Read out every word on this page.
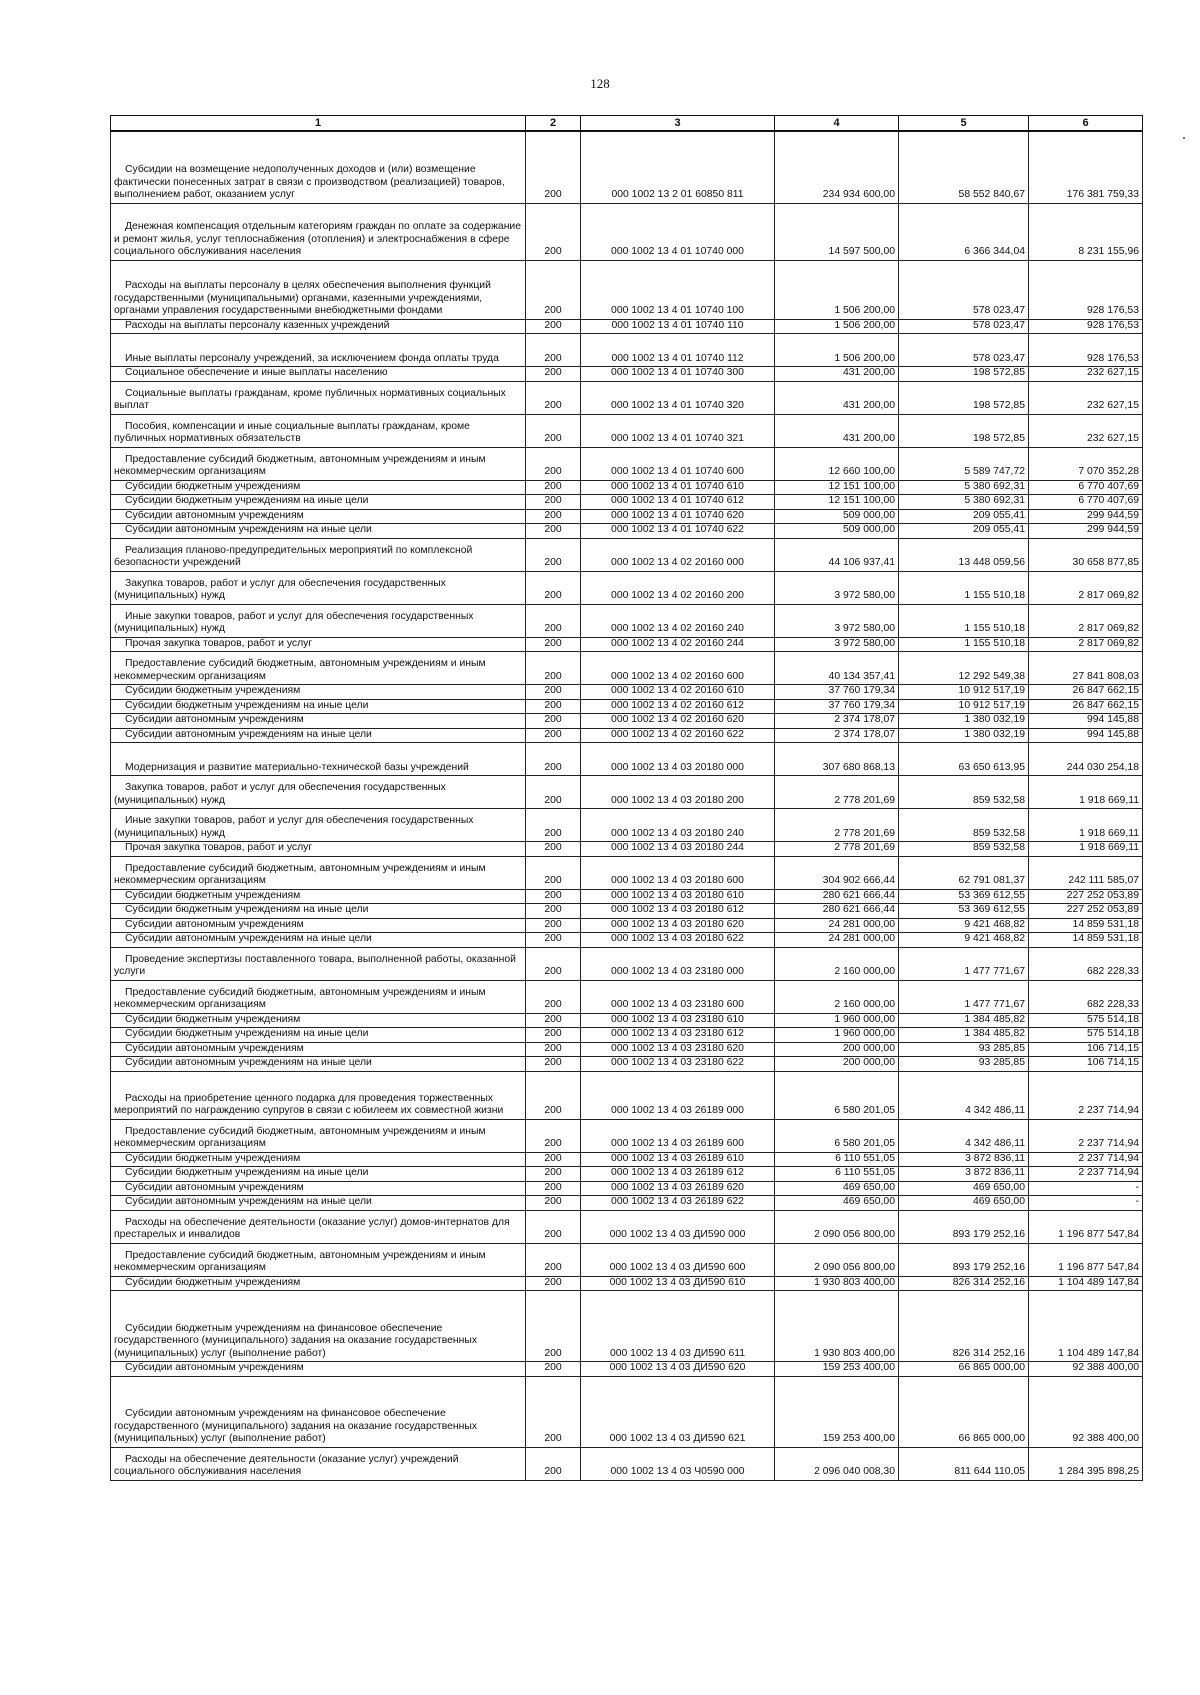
128
1	2	3	4	5	6
Субсидии на возмещение недополученных доходов и (или) возмещение фактически понесенных затрат в связи с производством (реализацией) товаров, выполнением работ, оказанием услуг	200	000 1002 13 2 01 60850 811	234 934 600,00	58 552 840,67	176 381 759,33
Денежная компенсация отдельным категориям граждан по оплате за содержание и ремонт жилья, услуг теплоснабжения (отопления) и электроснабжения в сфере социального обслуживания населения	200	000 1002 13 4 01 10740 000	14 597 500,00	6 366 344,04	8 231 155,96
Расходы на выплаты персоналу в целях обеспечения выполнения функций государственными (муниципальными) органами, казенными учреждениями, органами управления государственными внебюджетными фондами	200	000 1002 13 4 01 10740 100	1 506 200,00	578 023,47	928 176,53
Расходы на выплаты персоналу казенных учреждений	200	000 1002 13 4 01 10740 110	1 506 200,00	578 023,47	928 176,53
Иные выплаты персоналу учреждений, за исключением фонда оплаты труда	200	000 1002 13 4 01 10740 112	1 506 200,00	578 023,47	928 176,53
Социальное обеспечение и иные выплаты населению	200	000 1002 13 4 01 10740 300	431 200,00	198 572,85	232 627,15
Социальные выплаты гражданам, кроме публичных нормативных социальных выплат	200	000 1002 13 4 01 10740 320	431 200,00	198 572,85	232 627,15
Пособия, компенсации и иные социальные выплаты гражданам, кроме публичных нормативных обязательств	200	000 1002 13 4 01 10740 321	431 200,00	198 572,85	232 627,15
Предоставление субсидий бюджетным, автономным учреждениям и иным некоммерческим организациям	200	000 1002 13 4 01 10740 600	12 660 100,00	5 589 747,72	7 070 352,28
Субсидии бюджетным учреждениям	200	000 1002 13 4 01 10740 610	12 151 100,00	5 380 692,31	6 770 407,69
Субсидии бюджетным учреждениям на иные цели	200	000 1002 13 4 01 10740 612	12 151 100,00	5 380 692,31	6 770 407,69
Субсидии автономным учреждениям	200	000 1002 13 4 01 10740 620	509 000,00	209 055,41	299 944,59
Субсидии автономным учреждениям на иные цели	200	000 1002 13 4 01 10740 622	509 000,00	209 055,41	299 944,59
Реализация планово-предупредительных мероприятий по комплексной безопасности учреждений	200	000 1002 13 4 02 20160 000	44 106 937,41	13 448 059,56	30 658 877,85
Закупка товаров, работ и услуг для обеспечения государственных (муниципальных) нужд	200	000 1002 13 4 02 20160 200	3 972 580,00	1 155 510,18	2 817 069,82
Иные закупки товаров, работ и услуг для обеспечения государственных (муниципальных) нужд	200	000 1002 13 4 02 20160 240	3 972 580,00	1 155 510,18	2 817 069,82
Прочая закупка товаров, работ и услуг	200	000 1002 13 4 02 20160 244	3 972 580,00	1 155 510,18	2 817 069,82
Предоставление субсидий бюджетным, автономным учреждениям и иным некоммерческим организациям	200	000 1002 13 4 02 20160 600	40 134 357,41	12 292 549,38	27 841 808,03
Субсидии бюджетным учреждениям	200	000 1002 13 4 02 20160 610	37 760 179,34	10 912 517,19	26 847 662,15
Субсидии бюджетным учреждениям на иные цели	200	000 1002 13 4 02 20160 612	37 760 179,34	10 912 517,19	26 847 662,15
Субсидии автономным учреждениям	200	000 1002 13 4 02 20160 620	2 374 178,07	1 380 032,19	994 145,88
Субсидии автономным учреждениям на иные цели	200	000 1002 13 4 02 20160 622	2 374 178,07	1 380 032,19	994 145,88
Модернизация и развитие материально-технической базы учреждений	200	000 1002 13 4 03 20180 000	307 680 868,13	63 650 613,95	244 030 254,18
Закупка товаров, работ и услуг для обеспечения государственных (муниципальных) нужд	200	000 1002 13 4 03 20180 200	2 778 201,69	859 532,58	1 918 669,11
Иные закупки товаров, работ и услуг для обеспечения государственных (муниципальных) нужд	200	000 1002 13 4 03 20180 240	2 778 201,69	859 532,58	1 918 669,11
Прочая закупка товаров, работ и услуг	200	000 1002 13 4 03 20180 244	2 778 201,69	859 532,58	1 918 669,11
Предоставление субсидий бюджетным, автономным учреждениям и иным некоммерческим организациям	200	000 1002 13 4 03 20180 600	304 902 666,44	62 791 081,37	242 111 585,07
Субсидии бюджетным учреждениям	200	000 1002 13 4 03 20180 610	280 621 666,44	53 369 612,55	227 252 053,89
Субсидии бюджетным учреждениям на иные цели	200	000 1002 13 4 03 20180 612	280 621 666,44	53 369 612,55	227 252 053,89
Субсидии автономным учреждениям	200	000 1002 13 4 03 20180 620	24 281 000,00	9 421 468,82	14 859 531,18
Субсидии автономным учреждениям на иные цели	200	000 1002 13 4 03 20180 622	24 281 000,00	9 421 468,82	14 859 531,18
Проведение экспертизы поставленного товара, выполненной работы, оказанной услуги	200	000 1002 13 4 03 23180 000	2 160 000,00	1 477 771,67	682 228,33
Предоставление субсидий бюджетным, автономным учреждениям и иным некоммерческим организациям	200	000 1002 13 4 03 23180 600	2 160 000,00	1 477 771,67	682 228,33
Субсидии бюджетным учреждениям	200	000 1002 13 4 03 23180 610	1 960 000,00	1 384 485,82	575 514,18
Субсидии бюджетным учреждениям на иные цели	200	000 1002 13 4 03 23180 612	1 960 000,00	1 384 485,82	575 514,18
Субсидии автономным учреждениям	200	000 1002 13 4 03 23180 620	200 000,00	93 285,85	106 714,15
Субсидии автономным учреждениям на иные цели	200	000 1002 13 4 03 23180 622	200 000,00	93 285,85	106 714,15
Расходы на приобретение ценного подарка для проведения торжественных мероприятий по награждению супругов в связи с юбилеем их совместной жизни	200	000 1002 13 4 03 26189 000	6 580 201,05	4 342 486,11	2 237 714,94
Предоставление субсидий бюджетным, автономным учреждениям и иным некоммерческим организациям	200	000 1002 13 4 03 26189 600	6 580 201,05	4 342 486,11	2 237 714,94
Субсидии бюджетным учреждениям	200	000 1002 13 4 03 26189 610	6 110 551,05	3 872 836,11	2 237 714,94
Субсидии бюджетным учреждениям на иные цели	200	000 1002 13 4 03 26189 612	6 110 551,05	3 872 836,11	2 237 714,94
Субсидии автономным учреждениям	200	000 1002 13 4 03 26189 620	469 650,00	469 650,00	-
Субсидии автономным учреждениям на иные цели	200	000 1002 13 4 03 26189 622	469 650,00	469 650,00	-
Расходы на обеспечение деятельности (оказание услуг) домов-интернатов для престарелых и инвалидов	200	000 1002 13 4 03 ДИ590 000	2 090 056 800,00	893 179 252,16	1 196 877 547,84
Предоставление субсидий бюджетным, автономным учреждениям и иным некоммерческим организациям	200	000 1002 13 4 03 ДИ590 600	2 090 056 800,00	893 179 252,16	1 196 877 547,84
Субсидии бюджетным учреждениям	200	000 1002 13 4 03 ДИ590 610	1 930 803 400,00	826 314 252,16	1 104 489 147,84
Субсидии бюджетным учреждениям на финансовое обеспечение государственного (муниципального) задания на оказание государственных (муниципальных) услуг (выполнение работ)	200	000 1002 13 4 03 ДИ590 611	1 930 803 400,00	826 314 252,16	1 104 489 147,84
Субсидии автономным учреждениям	200	000 1002 13 4 03 ДИ590 620	159 253 400,00	66 865 000,00	92 388 400,00
Субсидии автономным учреждениям на финансовое обеспечение государственного (муниципального) задания на оказание государственных (муниципальных) услуг (выполнение работ)	200	000 1002 13 4 03 ДИ590 621	159 253 400,00	66 865 000,00	92 388 400,00
Расходы на обеспечение деятельности (оказание услуг) учреждений социального обслуживания населения	200	000 1002 13 4 03 Ч0590 000	2 096 040 008,30	811 644 110,05	1 284 395 898,25
